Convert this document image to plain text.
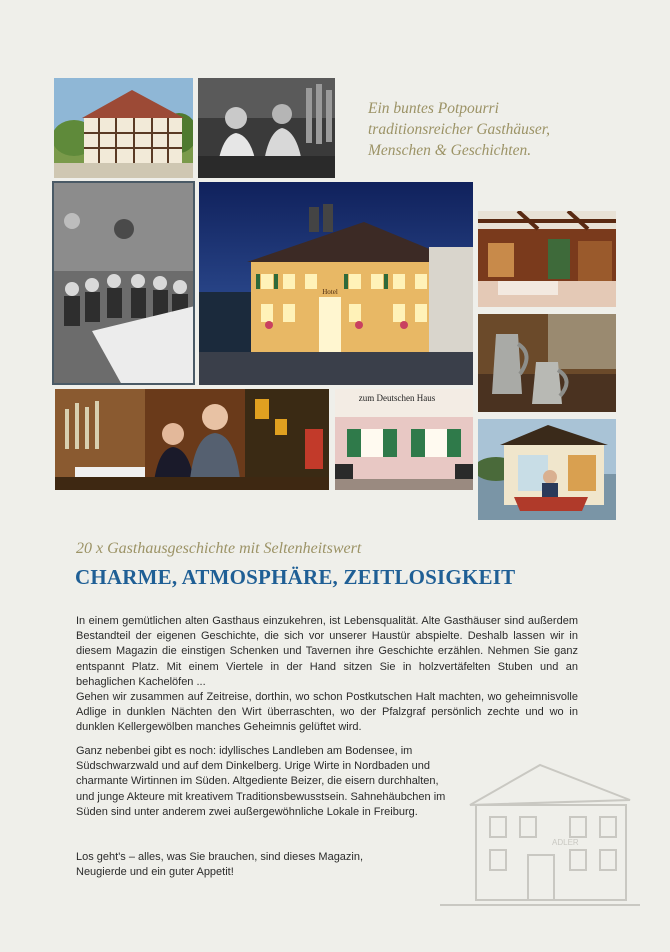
Hotel
zum Deutschen Haus
Ein buntes Potpourri
traditionsreicher Gasthäuser,
Menschen & Geschichten.
20 x Gasthausgeschichte mit Seltenheitswert
CHARME, ATMOSPHÄRE, ZEITLOSIGKEIT

In einem gemütlichen alten Gasthaus einzukehren, ist Lebensqualität. Alte Gasthäuser sind außerdem Bestandteil der eigenen Geschichte, die sich vor unserer Haustür abspielte. Deshalb lassen wir in diesem Magazin die einstigen Schenken und Tavernen ihre Geschichte erzählen. Nehmen Sie ganz entspannt Platz. Mit einem Viertele in der Hand sitzen Sie in holzvertäfelten Stuben und an behaglichen Kachelöfen ...

Gehen wir zusammen auf Zeitreise, dorthin, wo schon Postkutschen Halt machten, wo geheimnisvolle Adlige in dunklen Nächten den Wirt überraschten, wo der Pfalzgraf persönlich zechte und wo in dunklen Kellergewölben manches Geheimnis gelüftet wird.

Ganz nebenbei gibt es noch: idyllisches Landleben am Bodensee, im Südschwarzwald und auf dem Dinkelberg. Urige Wirte in Nordbaden und charmante Wirtinnen im Süden. Altgediente Beizer, die eisern durchhalten, und junge Akteure mit kreativem Traditionsbewusstsein. Sahnehäubchen im Süden sind unter anderem zwei außergewöhnliche Lokale in Freiburg.

Los geht's – alles, was Sie brauchen, sind dieses Magazin, Neugierde und ein guter Appetit!

ADLER
